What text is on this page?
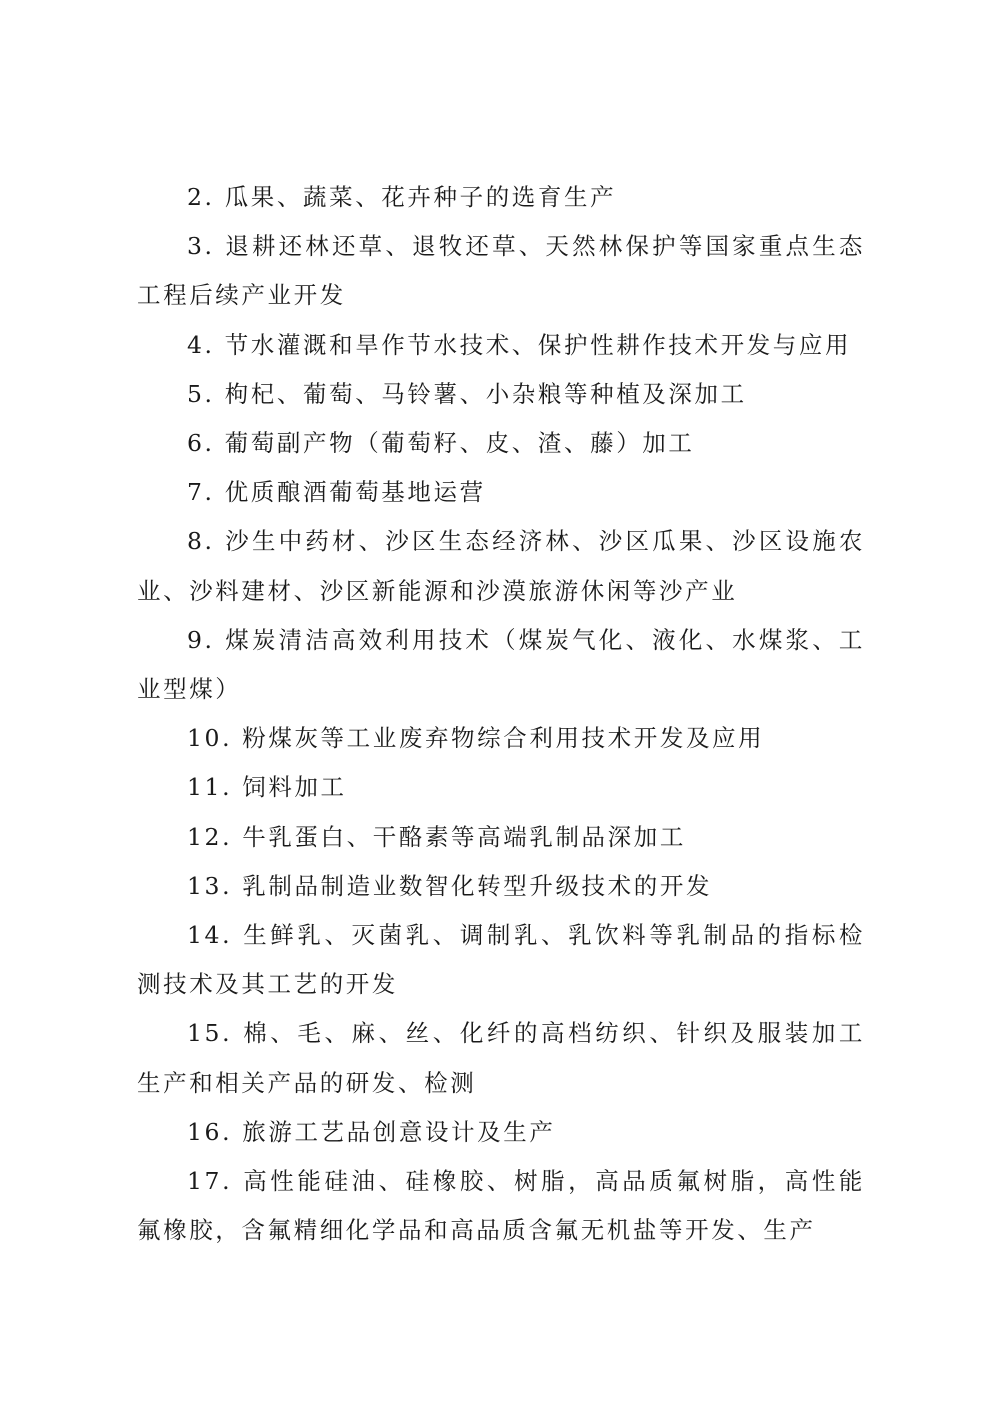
2. 瓜果、蔬菜、花卉种子的选育生产

3. 退耕还林还草、退牧还草、天然林保护等国家重点生态工程后续产业开发

4. 节水灌溉和旱作节水技术、保护性耕作技术开发与应用

5. 枸杞、葡萄、马铃薯、小杂粮等种植及深加工

6. 葡萄副产物（葡萄籽、皮、渣、藤）加工

7. 优质酿酒葡萄基地运营

8. 沙生中药材、沙区生态经济林、沙区瓜果、沙区设施农业、沙料建材、沙区新能源和沙漠旅游休闲等沙产业

9. 煤炭清洁高效利用技术（煤炭气化、液化、水煤浆、工业型煤）

10. 粉煤灰等工业废弃物综合利用技术开发及应用

11. 饲料加工

12. 牛乳蛋白、干酪素等高端乳制品深加工

13. 乳制品制造业数智化转型升级技术的开发

14. 生鲜乳、灭菌乳、调制乳、乳饮料等乳制品的指标检测技术及其工艺的开发

15. 棉、毛、麻、丝、化纤的高档纺织、针织及服装加工生产和相关产品的研发、检测

16. 旅游工艺品创意设计及生产

17. 高性能硅油、硅橡胶、树脂，高品质氟树脂，高性能氟橡胶，含氟精细化学品和高品质含氟无机盐等开发、生产
